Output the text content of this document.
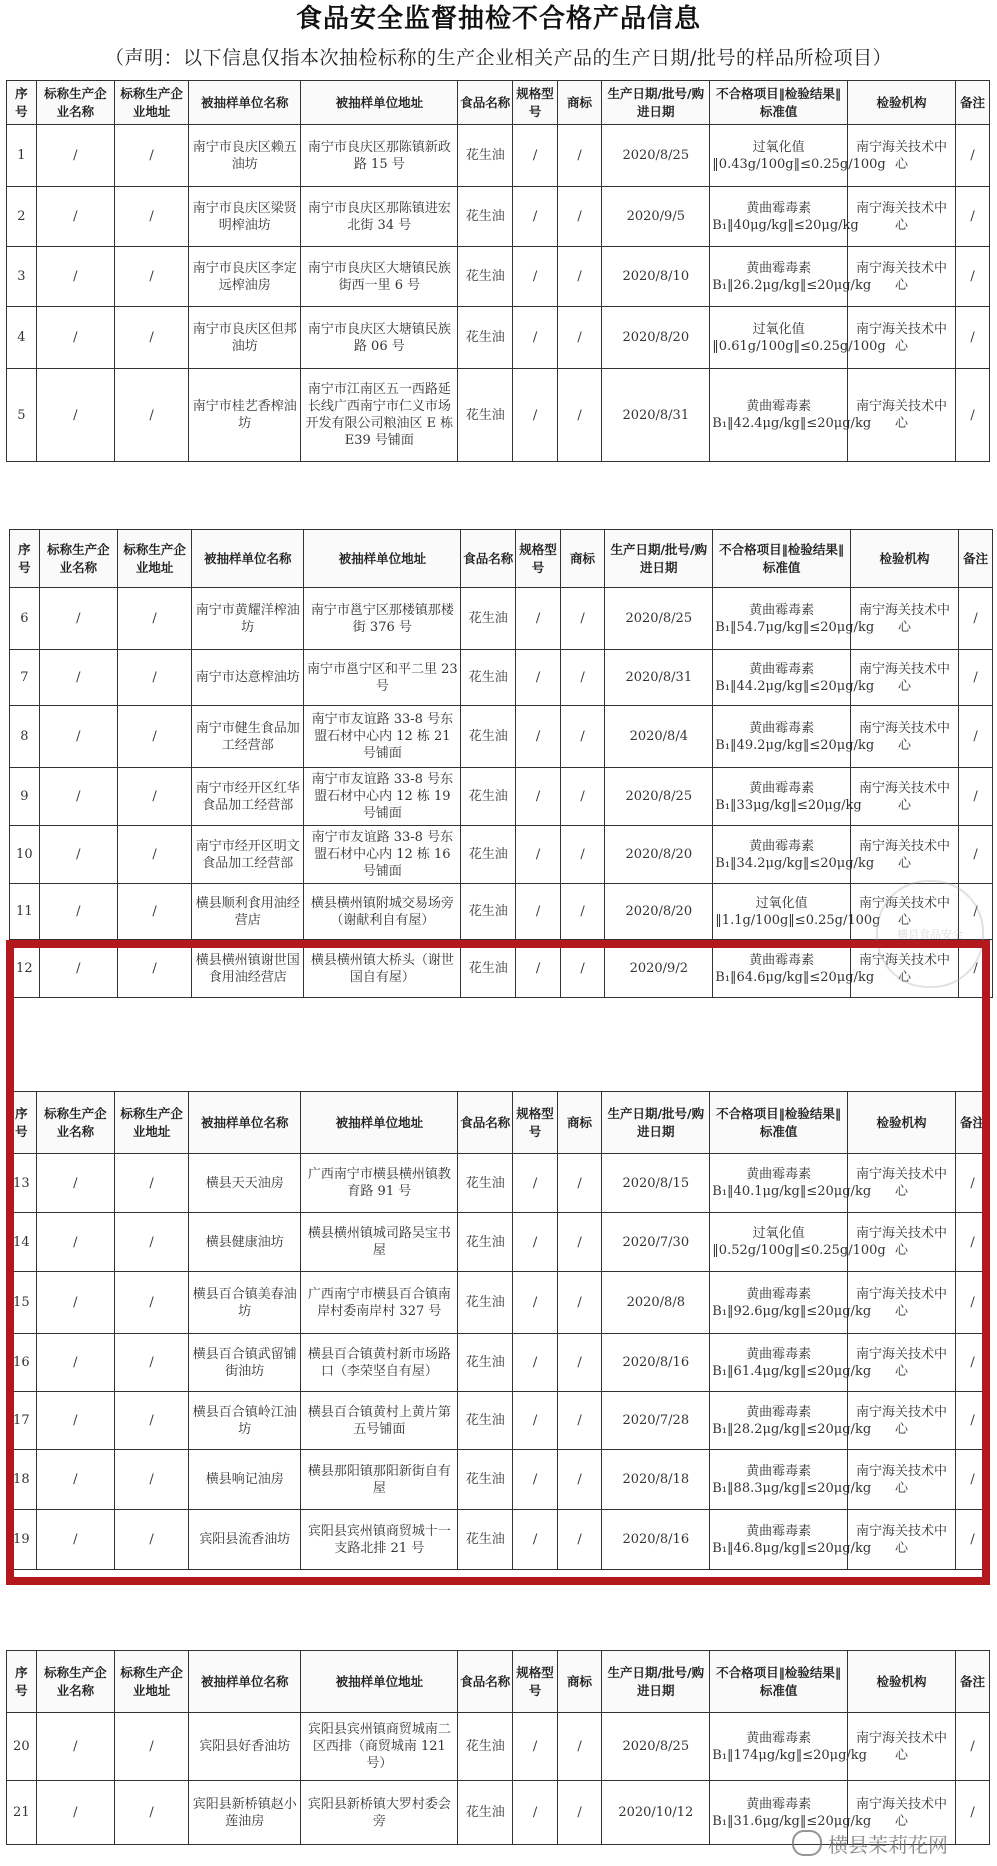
食品安全监督抽检不合格产品信息
（声明：以下信息仅指本次抽检标称的生产企业相关产品的生产日期/批号的样品所检项目）
序号	标称生产企业名称	标称生产企业地址	被抽样单位名称	被抽样单位地址	食品名称	规格型号	商标	生产日期/批号/购进日期	不合格项目‖检验结果‖标准值	检验机构	备注
1	/	/	南宁市良庆区赖五油坊	南宁市良庆区那陈镇新政路 15 号	花生油	/	/	2020/8/25	过氧化值‖0.43g/100g‖≤0.25g/100g	南宁海关技术中心	/
2	/	/	南宁市良庆区梁贤明榨油坊	南宁市良庆区那陈镇进宏北街 34 号	花生油	/	/	2020/9/5	黄曲霉毒素 B₁‖40μg/kg‖≤20μg/kg	南宁海关技术中心	/
3	/	/	南宁市良庆区李定远榨油房	南宁市良庆区大塘镇民族街西一里 6 号	花生油	/	/	2020/8/10	黄曲霉毒素 B₁‖26.2μg/kg‖≤20μg/kg	南宁海关技术中心	/
4	/	/	南宁市良庆区但邦油坊	南宁市良庆区大塘镇民族路 06 号	花生油	/	/	2020/8/20	过氧化值‖0.61g/100g‖≤0.25g/100g	南宁海关技术中心	/
5	/	/	南宁市桂艺香榨油坊	南宁市江南区五一西路延长线广西南宁市仁义市场开发有限公司粮油区 E 栋 E39 号铺面	花生油	/	/	2020/8/31	黄曲霉毒素 B₁‖42.4μg/kg‖≤20μg/kg	南宁海关技术中心	/
序号	标称生产企业名称	标称生产企业地址	被抽样单位名称	被抽样单位地址	食品名称	规格型号	商标	生产日期/批号/购进日期	不合格项目‖检验结果‖标准值	检验机构	备注
6	/	/	南宁市黄耀洋榨油坊	南宁市邕宁区那楼镇那楼街 376 号	花生油	/	/	2020/8/25	黄曲霉毒素 B₁‖54.7μg/kg‖≤20μg/kg	南宁海关技术中心	/
7	/	/	南宁市达意榨油坊	南宁市邕宁区和平二里 23 号	花生油	/	/	2020/8/31	黄曲霉毒素 B₁‖44.2μg/kg‖≤20μg/kg	南宁海关技术中心	/
8	/	/	南宁市健生食品加工经营部	南宁市友谊路 33-8 号东盟石材中心内 12 栋 21 号铺面	花生油	/	/	2020/8/4	黄曲霉毒素 B₁‖49.2μg/kg‖≤20μg/kg	南宁海关技术中心	/
9	/	/	南宁市经开区红华食品加工经营部	南宁市友谊路 33-8 号东盟石材中心内 12 栋 19 号铺面	花生油	/	/	2020/8/25	黄曲霉毒素 B₁‖33μg/kg‖≤20μg/kg	南宁海关技术中心	/
10	/	/	南宁市经开区明文食品加工经营部	南宁市友谊路 33-8 号东盟石材中心内 12 栋 16 号铺面	花生油	/	/	2020/8/20	黄曲霉毒素 B₁‖34.2μg/kg‖≤20μg/kg	南宁海关技术中心	/
11	/	/	横县顺利食用油经营店	横县横州镇附城交易场旁（谢献利自有屋）	花生油	/	/	2020/8/20	过氧化值‖1.1g/100g‖≤0.25g/100g	南宁海关技术中心	/
12	/	/	横县横州镇谢世国食用油经营店	横县横州镇大桥头（谢世国自有屋）	花生油	/	/	2020/9/2	黄曲霉毒素 B₁‖64.6μg/kg‖≤20μg/kg	南宁海关技术中心	/
序号	标称生产企业名称	标称生产企业地址	被抽样单位名称	被抽样单位地址	食品名称	规格型号	商标	生产日期/批号/购进日期	不合格项目‖检验结果‖标准值	检验机构	备注
13	/	/	横县天天油房	广西南宁市横县横州镇教育路 91 号	花生油	/	/	2020/8/15	黄曲霉毒素 B₁‖40.1μg/kg‖≤20μg/kg	南宁海关技术中心	/
14	/	/	横县健康油坊	横县横州镇城司路吴宝书屋	花生油	/	/	2020/7/30	过氧化值‖0.52g/100g‖≤0.25g/100g	南宁海关技术中心	/
15	/	/	横县百合镇美春油坊	广西南宁市横县百合镇南岸村委南岸村 327 号	花生油	/	/	2020/8/8	黄曲霉毒素 B₁‖92.6μg/kg‖≤20μg/kg	南宁海关技术中心	/
16	/	/	横县百合镇武留铺街油坊	横县百合镇黄村新市场路口（李荣坚自有屋）	花生油	/	/	2020/8/16	黄曲霉毒素 B₁‖61.4μg/kg‖≤20μg/kg	南宁海关技术中心	/
17	/	/	横县百合镇岭江油坊	横县百合镇黄村上黄片第五号铺面	花生油	/	/	2020/7/28	黄曲霉毒素 B₁‖28.2μg/kg‖≤20μg/kg	南宁海关技术中心	/
18	/	/	横县响记油房	横县那阳镇那阳新街自有屋	花生油	/	/	2020/8/18	黄曲霉毒素 B₁‖88.3μg/kg‖≤20μg/kg	南宁海关技术中心	/
19	/	/	宾阳县流香油坊	宾阳县宾州镇商贸城十一支路北排 21 号	花生油	/	/	2020/8/16	黄曲霉毒素 B₁‖46.8μg/kg‖≤20μg/kg	南宁海关技术中心	/
序号	标称生产企业名称	标称生产企业地址	被抽样单位名称	被抽样单位地址	食品名称	规格型号	商标	生产日期/批号/购进日期	不合格项目‖检验结果‖标准值	检验机构	备注
20	/	/	宾阳县好香油坊	宾阳县宾州镇商贸城南二区西排（商贸城南 121 号）	花生油	/	/	2020/8/25	黄曲霉毒素 B₁‖174μg/kg‖≤20μg/kg	南宁海关技术中心	/
21	/	/	宾阳县新桥镇赵小莲油房	宾阳县新桥镇大罗村委会旁	花生油	/	/	2020/10/12	黄曲霉毒素 B₁‖31.6μg/kg‖≤20μg/kg	南宁海关技术中心	/
横县食品安全
横县茉莉花网
